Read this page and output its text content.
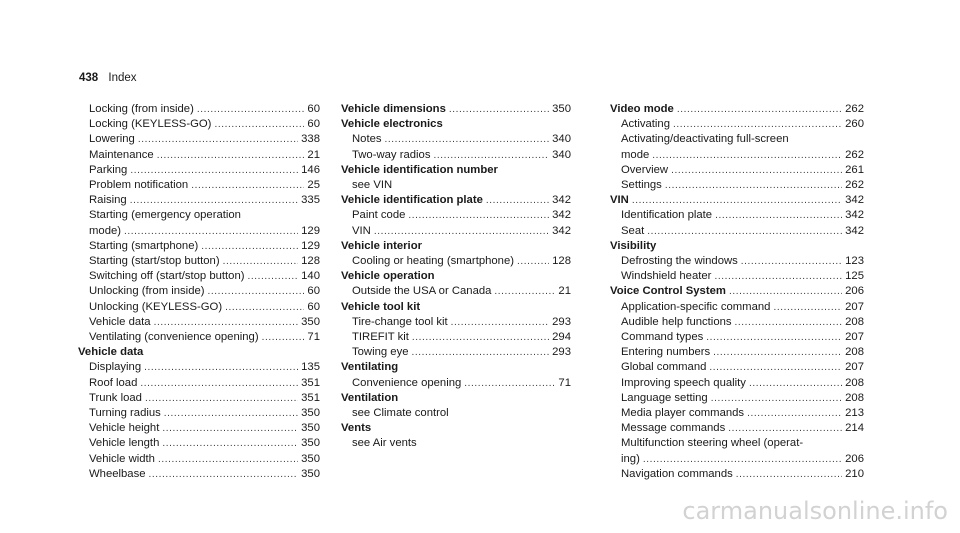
438 Index
Locking (from inside) .....	60
Locking (KEYLESS-GO) .....	60
Lowering .....	338
Maintenance .....	21
Parking .....	146
Problem notification .....	25
Raising .....	335
Starting (emergency operation
mode) .....	129
Starting (smartphone) .....	129
Starting (start/stop button) .....	128
Switching off (start/stop button) .....	140
Unlocking (from inside) .....	60
Unlocking (KEYLESS-GO) .....	60
Vehicle data .....	350
Ventilating (convenience opening) .....	71
Vehicle data
Displaying .....	135
Roof load .....	351
Trunk load .....	351
Turning radius .....	350
Vehicle height .....	350
Vehicle length .....	350
Vehicle width .....	350
Wheelbase .....	350
Vehicle dimensions .....	350
Vehicle electronics
Notes .....	340
Two-way radios .....	340
Vehicle identification number
see VIN
Vehicle identification plate .....	342
Paint code .....	342
VIN .....	342
Vehicle interior
Cooling or heating (smartphone) .....	128
Vehicle operation
Outside the USA or Canada .....	21
Vehicle tool kit
Tire-change tool kit .....	293
TIREFIT kit .....	294
Towing eye .....	293
Ventilating
Convenience opening .....	71
Ventilation
see Climate control
Vents
see Air vents
Video mode .....	262
Activating .....	260
Activating/deactivating full-screen
mode .....	262
Overview .....	261
Settings .....	262
VIN .....	342
Identification plate .....	342
Seat .....	342
Visibility
Defrosting the windows .....	123
Windshield heater .....	125
Voice Control System .....	206
Application-specific command .....	207
Audible help functions .....	208
Command types .....	207
Entering numbers .....	208
Global command .....	207
Improving speech quality .....	208
Language setting .....	208
Media player commands .....	213
Message commands .....	214
Multifunction steering wheel (operat-
ing) .....	206
Navigation commands .....	210
carmanualsonline.info
